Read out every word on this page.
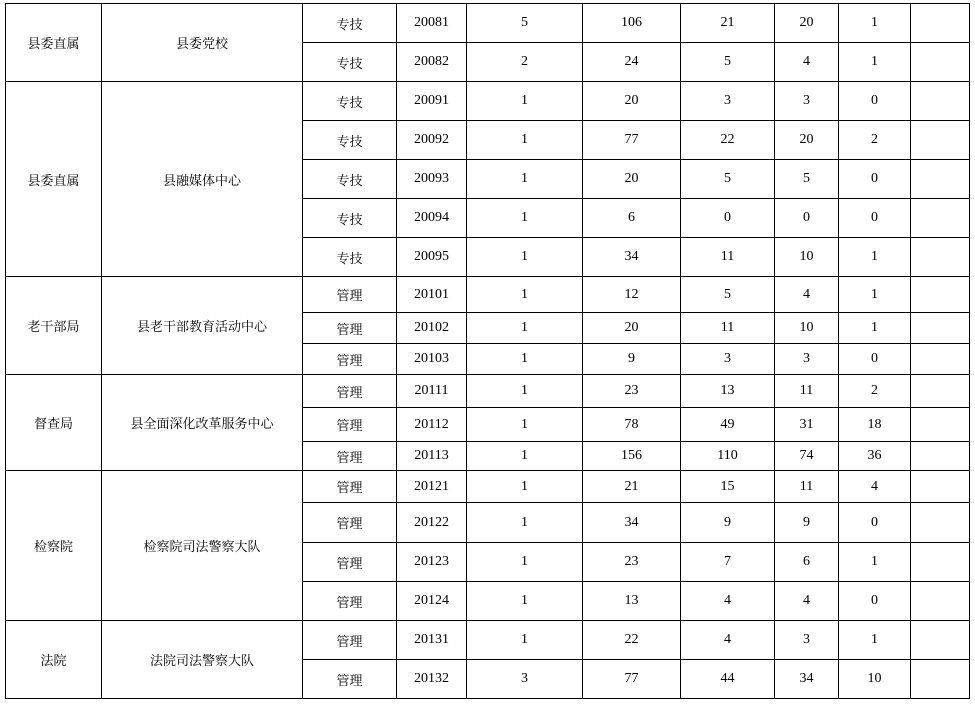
县委直属	县委党校	专技	20081	5	106	21	20	1	
		专技	20082	2	24	5	4	1	
县委直属	县融媒体中心	专技	20091	1	20	3	3	0	
		专技	20092	1	77	22	20	2	
		专技	20093	1	20	5	5	0	
		专技	20094	1	6	0	0	0	
		专技	20095	1	34	11	10	1	
老干部局	县老干部教育活动中心	管理	20101	1	12	5	4	1	
		管理	20102	1	20	11	10	1	
		管理	20103	1	9	3	3	0	
督查局	县全面深化改革服务中心	管理	20111	1	23	13	11	2	
		管理	20112	1	78	49	31	18	
		管理	20113	1	156	110	74	36	
检察院	检察院司法警察大队	管理	20121	1	21	15	11	4	
		管理	20122	1	34	9	9	0	
		管理	20123	1	23	7	6	1	
		管理	20124	1	13	4	4	0	
法院	法院司法警察大队	管理	20131	1	22	4	3	1	
		管理	20132	3	77	44	34	10	
